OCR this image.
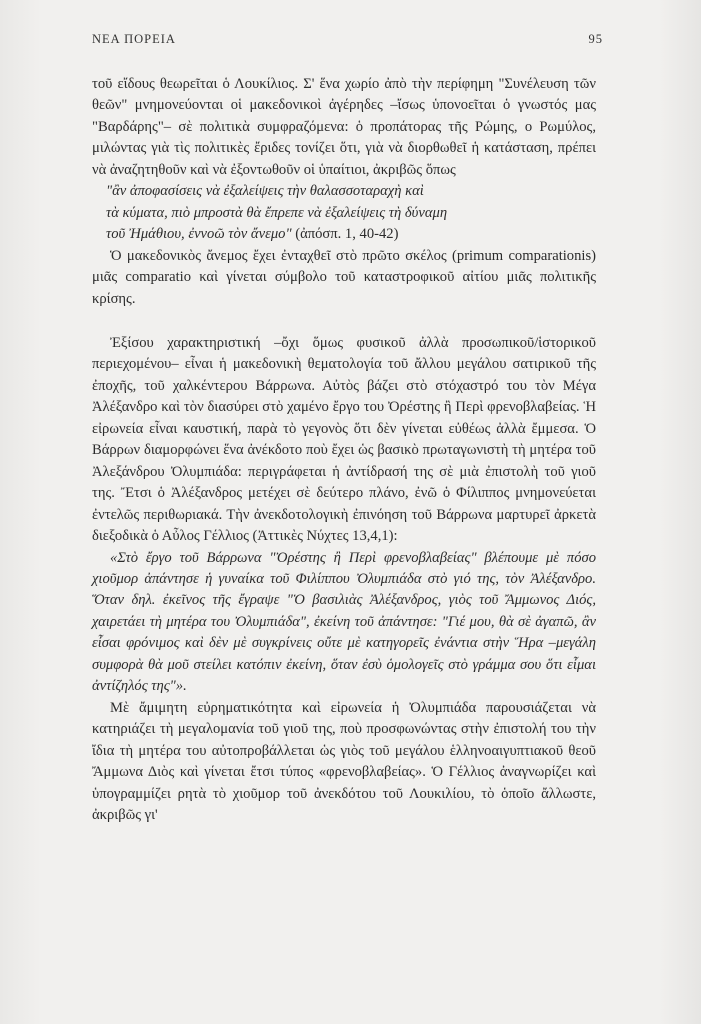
ΝΕΑ ΠΟΡΕΙΑ	95

τοῦ εἴδους θεωρεῖται ὁ Λουκίλιος. Σ' ἕνα χωρίο ἀπὸ τὴν περίφημη "Συνέλευση τῶν θεῶν" μνημονεύονται οἱ μακεδονικοὶ ἀγέρηδες –ἴσως ὑπονοεῖται ὁ γνωστός μας "Βαρδάρης"– σὲ πολιτικὰ συμφραζόμενα: ὁ προπάτορας τῆς Ρώμης, ο Ρωμύλος, μιλώντας γιὰ τὶς πολιτικὲς ἔριδες τονίζει ὅτι, γιὰ νὰ διορθωθεῖ ἡ κατάσταση, πρέπει νὰ ἀναζητηθοῦν καὶ νὰ ἐξοντωθοῦν οἱ ὑπαίτιοι, ἀκριβῶς ὅπως

"ἂν ἀποφασίσεις νὰ ἐξαλείψεις τὴν θαλασσοταραχὴ καὶ

τὰ κύματα, πιὸ μπροστὰ θὰ ἔπρεπε νὰ ἐξαλείψεις τὴ δύναμη

τοῦ Ἠμάθιου, ἐννοῶ τὸν ἄνεμο" (ἀπόσπ. 1, 40-42)

Ὁ μακεδονικὸς ἄνεμος ἔχει ἐνταχθεῖ στὸ πρῶτο σκέλος (primum comparationis) μιᾶς comparatio καὶ γίνεται σύμβολο τοῦ καταστροφικοῦ αἰτίου μιᾶς πολιτικῆς κρίσης.

Ἐξίσου χαρακτηριστική –ὄχι ὅμως φυσικοῦ ἀλλὰ προσωπικοῦ/ἱστορικοῦ περιεχομένου– εἶναι ἡ μακεδονικὴ θεματολογία τοῦ ἄλλου μεγάλου σατιρικοῦ τῆς ἐποχῆς, τοῦ χαλκέντερου Βάρρωνα. Αὐτὸς βάζει στὸ στόχαστρό του τὸν Μέγα Ἀλέξανδρο καὶ τὸν διασύρει στὸ χαμένο ἔργο του Ὀρέστης ἢ Περὶ φρενοβλαβείας. Ἡ εἰρωνεία εἶναι καυστική, παρὰ τὸ γεγονὸς ὅτι δὲν γίνεται εὐθέως ἀλλὰ ἔμμεσα. Ὁ Βάρρων διαμορφώνει ἕνα ἀνέκδοτο ποὺ ἔχει ὡς βασικὸ πρωταγωνιστὴ τὴ μητέρα τοῦ Ἀλεξάνδρου Ὀλυμπιάδα: περιγράφεται ἡ ἀντίδρασή της σὲ μιὰ ἐπιστολὴ τοῦ γιοῦ της. Ἔτσι ὁ Ἀλέξανδρος μετέχει σὲ δεύτερο πλάνο, ἐνῶ ὁ Φίλιππος μνημονεύεται ἐντελῶς περιθωριακά. Τὴν ἀνεκδοτολογικὴ ἐπινόηση τοῦ Βάρρωνα μαρτυρεῖ ἀρκετὰ διεξοδικὰ ὁ Αὖλος Γέλλιος (Ἀττικὲς Νύχτες 13,4,1):

«Στὸ ἔργο τοῦ Βάρρωνα "Ὀρέστης ἢ Περὶ φρενοβλαβείας" βλέπουμε μὲ πόσο χιοῦμορ ἀπάντησε ἡ γυναίκα τοῦ Φιλίππου Ὀλυμπιάδα στὸ γιό της, τὸν Ἀλέξανδρο. Ὅταν δηλ. ἐκεῖνος τῆς ἔγραψε "Ὁ βασιλιὰς Ἀλέξανδρος, γιὸς τοῦ Ἄμμωνος Διός, χαιρετάει τὴ μητέρα του Ὀλυμπιάδα", ἐκείνη τοῦ ἀπάντησε: "Γιέ μου, θὰ σὲ ἀγαπῶ, ἂν εἶσαι φρόνιμος καὶ δὲν μὲ συγκρίνεις οὔτε μὲ κατηγορεῖς ἐνάντια στὴν Ἥρα –μεγάλη συμφορὰ θὰ μοῦ στείλει κατόπιν ἐκείνη, ὅταν ἐσὺ ὁμολογεῖς στὸ γράμμα σου ὅτι εἶμαι ἀντίζηλός της"».

Μὲ ἄμιμητη εὐρηματικότητα καὶ εἰρωνεία ἡ Ὀλυμπιάδα παρουσιάζεται νὰ κατηριάζει τὴ μεγαλομανία τοῦ γιοῦ της, ποὺ προσφωνώντας στὴν ἐπιστολή του τὴν ἴδια τὴ μητέρα του αὐτοπροβάλλεται ὡς γιὸς τοῦ μεγάλου ἑλληνοαιγυπτιακοῦ θεοῦ Ἄμμωνα Διὸς καὶ γίνεται ἔτσι τύπος «φρενοβλαβείας». Ὁ Γέλλιος ἀναγνωρίζει καὶ ὑπογραμμίζει ρητὰ τὸ χιοῦμορ τοῦ ἀνεκδότου τοῦ Λουκιλίου, τὸ ὁποῖο ἄλλωστε, ἀκριβῶς γι'
